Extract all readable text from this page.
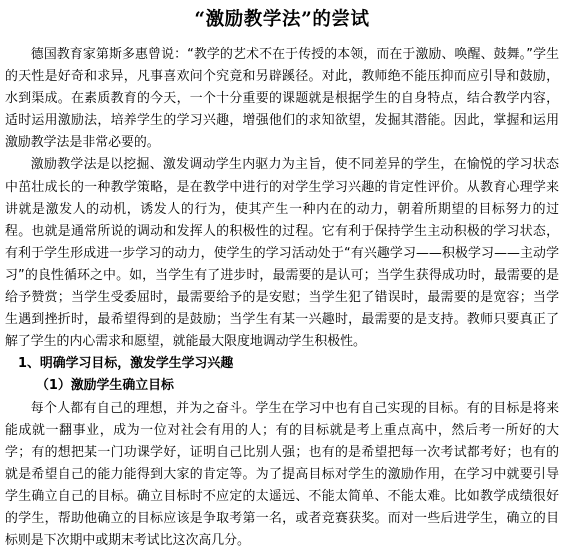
“激励教学法”的尝试

德国教育家第斯多惠曾说：“教学的艺术不在于传授的本领，而在于激励、唤醒、鼓舞。”学生的天性是好奇和求异，凡事喜欢问个究竟和另辟蹊径。对此，教师绝不能压抑而应引导和鼓励，水到渠成。在素质教育的今天，一个十分重要的课题就是根据学生的自身特点，结合教学内容，适时运用激励法，培养学生的学习兴趣，增强他们的求知欲望，发掘其潜能。因此，掌握和运用激励教学法是非常必要的。

激励教学法是以挖掘、激发调动学生内驱力为主旨，使不同差异的学生，在愉悦的学习状态中茁壮成长的一种教学策略，是在教学中进行的对学生学习兴趣的肯定性评价。从教育心理学来讲就是激发人的动机，诱发人的行为，使其产生一种内在的动力，朝着所期望的目标努力的过程。也就是通常所说的调动和发挥人的积极性的过程。它有利于保持学生主动积极的学习状态，有利于学生形成进一步学习的动力，使学生的学习活动处于“有兴趣学习——积极学习——主动学习”的良性循环之中。如，当学生有了进步时，最需要的是认可；当学生获得成功时，最需要的是给予赞赏；当学生受委屈时，最需要给予的是安慰；当学生犯了错误时，最需要的是宽容；当学生遇到挫折时，最希望得到的是鼓励；当学生有某一兴趣时，最需要的是支持。教师只要真正了解了学生的内心需求和愿望，就能最大限度地调动学生积极性。

1、明确学习目标，激发学生学习兴趣

（1）激励学生确立目标

每个人都有自己的理想，并为之奋斗。学生在学习中也有自己实现的目标。有的目标是将来能成就一翻事业，成为一位对社会有用的人；有的目标就是考上重点高中，然后考一所好的大学；有的想把某一门功课学好，证明自己比别人强；也有的是希望把每一次考试都考好；也有的就是希望自己的能力能得到大家的肯定等。为了提高目标对学生的激励作用，在学习中就要引导学生确立自己的目标。确立目标时不应定的太遥远、不能太简单、不能太难。比如教学成绩很好的学生，帮助他确立的目标应该是争取考第一名，或者竞赛获奖。而对一些后进学生，确立的目标则是下次期中或期末考试比这次高几分。
